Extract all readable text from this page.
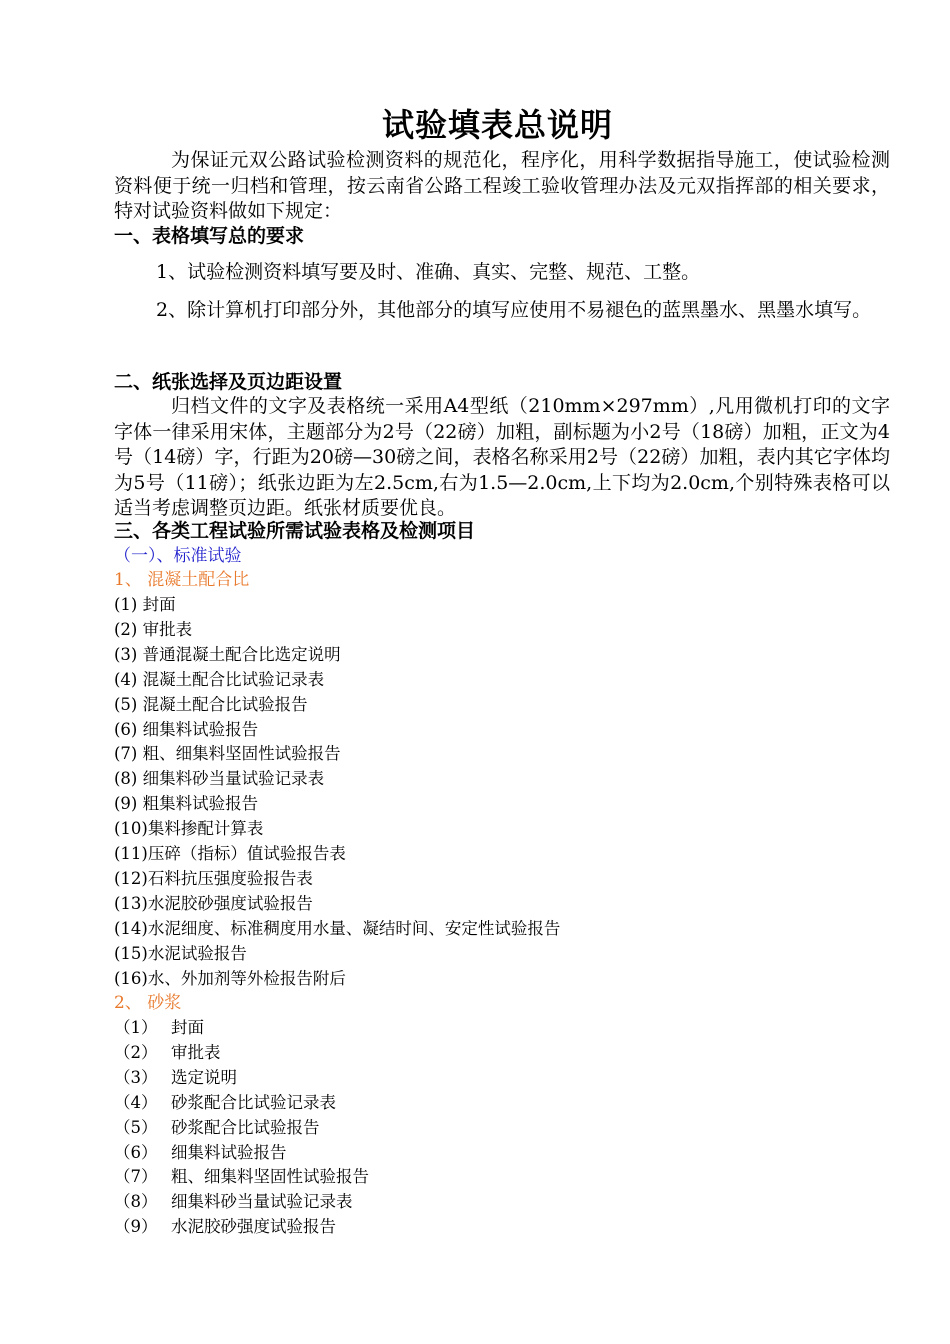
试验填表总说明
为保证元双公路试验检测资料的规范化，程序化，用科学数据指导施工，使试验检测资料便于统一归档和管理，按云南省公路工程竣工验收管理办法及元双指挥部的相关要求，特对试验资料做如下规定：
一、表格填写总的要求
1、试验检测资料填写要及时、准确、真实、完整、规范、工整。
2、除计算机打印部分外，其他部分的填写应使用不易褪色的蓝黑墨水、黑墨水填写。
二、纸张选择及页边距设置
归档文件的文字及表格统一采用A4型纸（210mm×297mm）,凡用微机打印的文字字体一律采用宋体，主题部分为2号（22磅）加粗，副标题为小2号（18磅）加粗，正文为4号（14磅）字，行距为20磅—30磅之间，表格名称采用2号（22磅）加粗，表内其它字体均为5号（11磅）；纸张边距为左2.5cm,右为1.5—2.0cm,上下均为2.0cm,个别特殊表格可以适当考虑调整页边距。纸张材质要优良。
三、各类工程试验所需试验表格及检测项目
（一）、标准试验
1、 混凝土配合比
(1) 封面
(2) 审批表
(3) 普通混凝土配合比选定说明
(4) 混凝土配合比试验记录表
(5) 混凝土配合比试验报告
(6) 细集料试验报告
(7) 粗、细集料坚固性试验报告
(8) 细集料砂当量试验记录表
(9) 粗集料试验报告
(10)集料掺配计算表
(11)压碎（指标）值试验报告表
(12)石料抗压强度验报告表
(13)水泥胶砂强度试验报告
(14)水泥细度、标准稠度用水量、凝结时间、安定性试验报告
(15)水泥试验报告
(16)水、外加剂等外检报告附后
2、 砂浆
（1） 封面
（2） 审批表
（3） 选定说明
（4） 砂浆配合比试验记录表
（5） 砂浆配合比试验报告
（6） 细集料试验报告
（7） 粗、细集料坚固性试验报告
（8） 细集料砂当量试验记录表
（9） 水泥胶砂强度试验报告
